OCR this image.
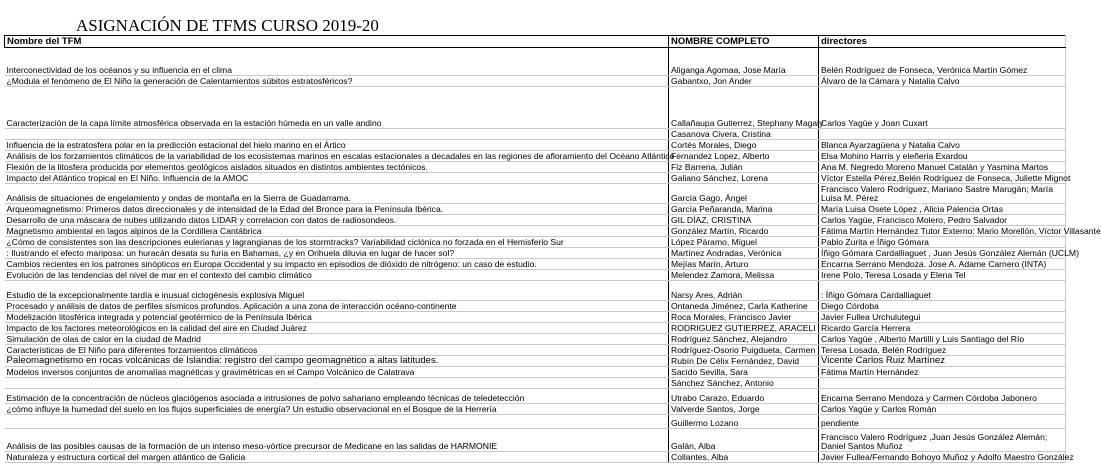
ASIGNACIÓN DE TFMS CURSO 2019-20
Nombre del TFM	NOMBRE COMPLETO	directores
Interconectividad de los océanos y su influencia en el clima	Aliganga Agomaa, Jose María	Belén Rodríguez de Fonseca, Verónica Martín Gómez
¿Modula el fenómeno de El Niño la generación de Calentamientos súbitos estratosféricos?	Gabantxo, Jon Ander	Álvaro de la Cámara y Natalia Calvo
Caracterización de la capa límite atmosférica observada en la estación húmeda en un valle andino	Callañaupa Gutierrez, Stephany Magaly	Carlos Yagüe y Joan Cuxart
	Casanova Civera, Cristina	
Influencia de la estratosfera polar en la predicción estacional del hielo marino en el Ártico	Cortés Morales, Diego	Blanca Ayarzagüena y Natalia Calvo
Análisis de los forzamientos climáticos de la variabilidad de los ecosistemas marinos en escalas estacionales a decadales en las regiones de afloramiento del Océano Atlántico	Fernandez Lopez, Alberto	Elsa Mohino Harris y eleñeria Exardou
Flexión de la litosfera producida por elementos geológicos aislados situados en distintos ambientes tectónicos.	Fiz Barrena, Julián	Ana M. Negredo Moreno Manuel Catalán y Yasmina Martos
Impacto del Atlántico tropical en El Niño. Influencia de la AMOC	Galiano Sánchez, Lorena	Víctor Estella Pérez,Belén Rodríguez de Fonseca, Juliette Mignot
Análisis de situaciones de engelamiento y ondas de montaña en la Sierra de Guadarrama.	García Gago, Ángel	Francisco Valero Rodríguez, Mariano Sastre Marugán; María Luisa M. Pérez
Arqueomagnetismo: Primeros datos direccionales y de intensidad de la Edad del Bronce para la Península Ibérica.	García Peñaranda, Marina	María Luisa Osete López , Alicia Palencia Ortas
Desarrollo de una máscara de nubes utilizando datos LIDAR y correlacion con datos de radiosondeos.	GIL DÍAZ, CRISTINA	Carlos Yagüe, Francisco Molero, Pedro Salvador
Magnetismo ambiental en lagos alpinos de la Cordillera Cantábrica	González Martín, Ricardo	Fátima Martín Hernández Tutor Externo: Mario Morellón, Víctor Villasante
¿Cómo de consistentes son las descripciones eulerianas y lagrangianas de los stormtracks? Variabilidad ciclónica no forzada en el Hemisferio Sur	López Páramo, Miguel	Pablo Zurita e Íñigo Gómara
: Ilustrando el efecto mariposa: un huracán desata su furia en Bahamas, ¿y en Orihuela diluvia en lugar de hacer sol?	Martínez Andradas, Verónica	Íñigo Gómara Cardalliaguet , Juan Jesús González Alemán (UCLM)
Cambios recientes en los patrones sinópticos en Europa Occidental y su impacto en episodios de dióxido de nitrógeno: un caso de estudio.	Mejías Marín, Arturo	Encarna Serrano Mendoza. Jose A. Adame Carnero (INTA)
Evolución de las tendencias del nivel de mar en el contexto del cambio climático	Melendez Zamora, Melissa	Irene Polo, Teresa Losada y Elena Tel
Estudio de la excepcionalmente tardía e inusual ciclogénesis explosiva Miguel	Narsy Ares, Adrián	: Íñigo Gómara Cardalliaguet
Procesado y análisis de datos de perfiles sísmicos profundos. Aplicación a una zona de interacción océano-continente	Ontaneda Jiménez, Carla Katherine	Diego Córdoba
Modelización litosférica integrada y potencial geotérmico de la Península Ibérica	Roca Morales, Francisco Javier	Javier Fullea Urchulutegui
Impacto de los factores meteorológicos en la calidad del aire en Ciudad Juárez	RODRIGUEZ GUTIERREZ, ARACELI	Ricardo García Herrera
Simulación de olas de calor en la ciudad de Madrid	Rodríguez Sánchez, Alejandro	Carlos Yagüe , Alberto Martilli y Luis Santiago del Río
Características de El Niño para diferentes forzamientos climáticos	Rodríguez-Osorio Puigdueta, Carmen	Teresa Losada, Belén Rodríguez
Paleomagnetismo en rocas volcánicas de Islandia: registro del campo geomagnético a altas latitudes.	Rubín De Célix Fernández, David	Vicente Carlos Ruiz Martínez
Modelos inversos conjuntos de anomalías magnéticas y gravimétricas en el Campo Volcánico de Calatrava	Sacido Sevilla, Sara	Fátima Martín Hernández
	Sánchez Sánchez, Antonio	
Estimación de la concentración de núcleos glaciógenos asociada a intrusiones de polvo sahariano empleando técnicas de teledetección	Utrabo Carazo, Eduardo	Encarna Serrano Mendoza y Carmen Córdoba Jabonero
¿cómo influye la humedad del suelo en los flujos superficiales de energía? Un estudio observacional en el Bosque de la Herrería	Valverde Santos, Jorge	Carlos Yagüe y Carlos Román
	Guillermo Lozano	pendiente
Análisis de las posibles causas de la formación de un intenso meso-vórtice precursor de Medicane en las salidas de HARMONIE	Galán, Alba	Francisco Valero Rodríguez ,Juan Jesús González Alemán; Daniel Santos Muñoz
Naturaleza y estructura cortical del margen atlántico de Galicia	Collantes, Alba	Javier Fullea/Fernando Bohoyo Muñoz y Adolfo Maestro González
